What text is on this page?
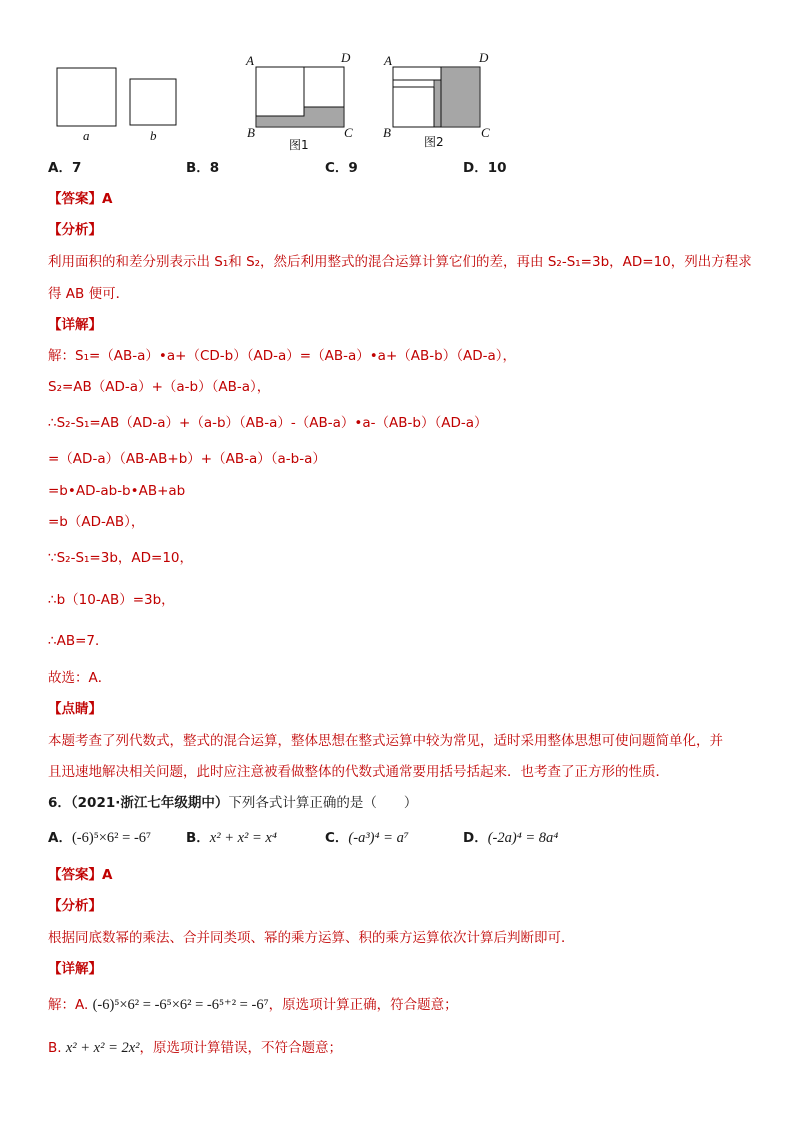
a	b
A	D
B	C
图1
A	D
B	C
图2
A．7	B．8	C．9	D．10
【答案】A
【分析】
利用面积的和差分别表示出 S₁和 S₂，然后利用整式的混合运算计算它们的差，再由 S₂-S₁=3b，AD=10，列出方程求
得 AB 便可．
【详解】
解：S₁=（AB-a）•a+（CD-b）（AD-a）=（AB-a）•a+（AB-b）（AD-a），
S₂=AB（AD-a）+（a-b）（AB-a），
∴S₂-S₁=AB（AD-a）+（a-b）（AB-a）-（AB-a）•a-（AB-b）（AD-a）
=（AD-a）（AB-AB+b）+（AB-a）（a-b-a）
=b•AD-ab-b•AB+ab
=b（AD-AB），
∵S₂-S₁=3b，AD=10，
∴b（10-AB）=3b，
∴AB=7．
故选：A．
【点睛】
本题考查了列代数式，整式的混合运算，整体思想在整式运算中较为常见，适时采用整体思想可使问题简单化，并
且迅速地解决相关问题，此时应注意被看做整体的代数式通常要用括号括起来．也考查了正方形的性质．
6．（2021·浙江七年级期中）下列各式计算正确的是（　　）
A．(-6)⁵×6² = -6⁷	B．x² + x² = x⁴	C．(-a³)⁴ = a⁷	D．(-2a)⁴ = 8a⁴
【答案】A
【分析】
根据同底数幂的乘法、合并同类项、幂的乘方运算、积的乘方运算依次计算后判断即可．
【详解】
解：A. (-6)⁵×6² = -6⁵×6² = -6⁵⁺² = -6⁷，原选项计算正确，符合题意；
B. x² + x² = 2x²，原选项计算错误，不符合题意；
